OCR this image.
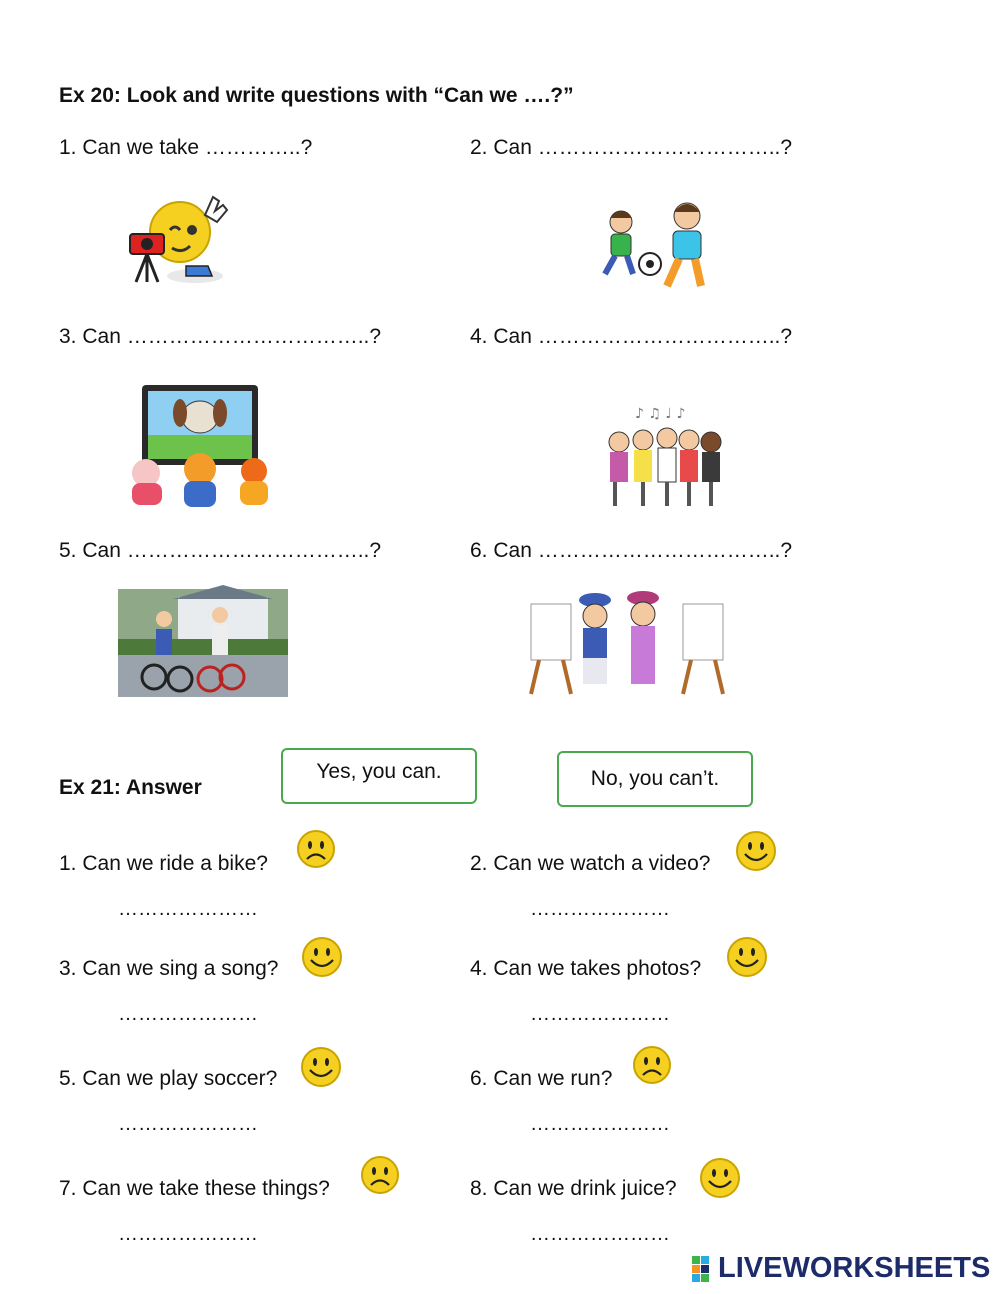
Ex 20: Look and write questions with “Can we ….?”
1. Can we take …………..?	2. Can ……………………………..?
3. Can ……………………………..?	4. Can ……………………………..?
5. Can ……………………………..?	6. Can ……………………………..?
♪ ♫ ♩ ♪
Ex 21: Answer
Yes, you can.	No, you can’t.
1. Can we ride a bike?	2. Can we watch a video?
3. Can we sing a song?	4. Can we takes photos?
5. Can we play soccer?	6. Can we run?
7. Can we take these things?	8. Can we drink juice?
…………………	…………………
…………………	…………………
…………………	…………………
…………………	…………………
LIVEWORKSHEETS
